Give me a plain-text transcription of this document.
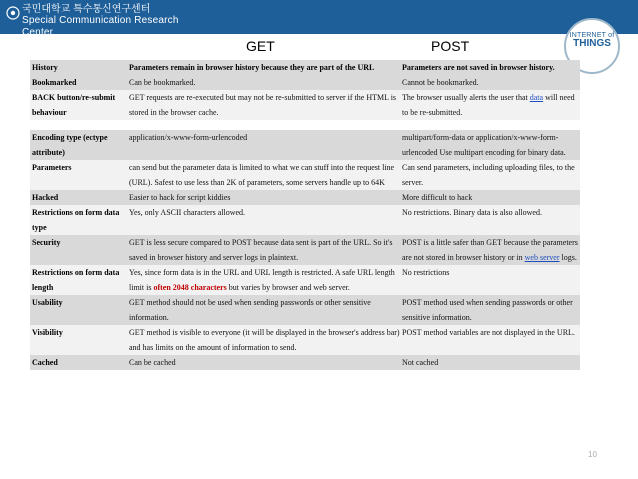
국민대학교 특수통신연구센터
Special Communication Research Center
GET	POST
INTERNET of
THINGS
History	Parameters remain in browser history because they are part of the URL	Parameters are not saved in browser history.
Bookmarked	Can be bookmarked.	Cannot be bookmarked.
BACK button/re-submit behaviour	GET requests are re-executed but may not be re-submitted to server if the HTML is stored in the browser cache.	The browser usually alerts the user that data will need to be re-submitted.

Encoding type (ectype attribute)	application/x-www-form-urlencoded	multipart/form-data or application/x-www-form-urlencoded Use multipart encoding for binary data.
Parameters	can send but the parameter data is limited to what we can stuff into the request line (URL). Safest to use less than 2K of parameters, some servers handle up to 64K	Can send parameters, including uploading files, to the server.
Hacked	Easier to hack for script kiddies	More difficult to hack
Restrictions on form data type	Yes, only ASCII characters allowed.	No restrictions. Binary data is also allowed.
Security	GET is less secure compared to POST because data sent is part of the URL. So it's saved in browser history and server logs in plaintext.	POST is a little safer than GET because the parameters are not stored in browser history or in web server logs.
Restrictions on form data length	Yes, since form data is in the URL and URL length is restricted. A safe URL length limit is often 2048 characters but varies by browser and web server.	No restrictions
Usability	GET method should not be used when sending passwords or other sensitive information.	POST method used when sending passwords or other sensitive information.
Visibility	GET method is visible to everyone (it will be displayed in the browser's address bar) and has limits on the amount of information to send.	POST method variables are not displayed in the URL.
Cached	Can be cached	Not cached
10
